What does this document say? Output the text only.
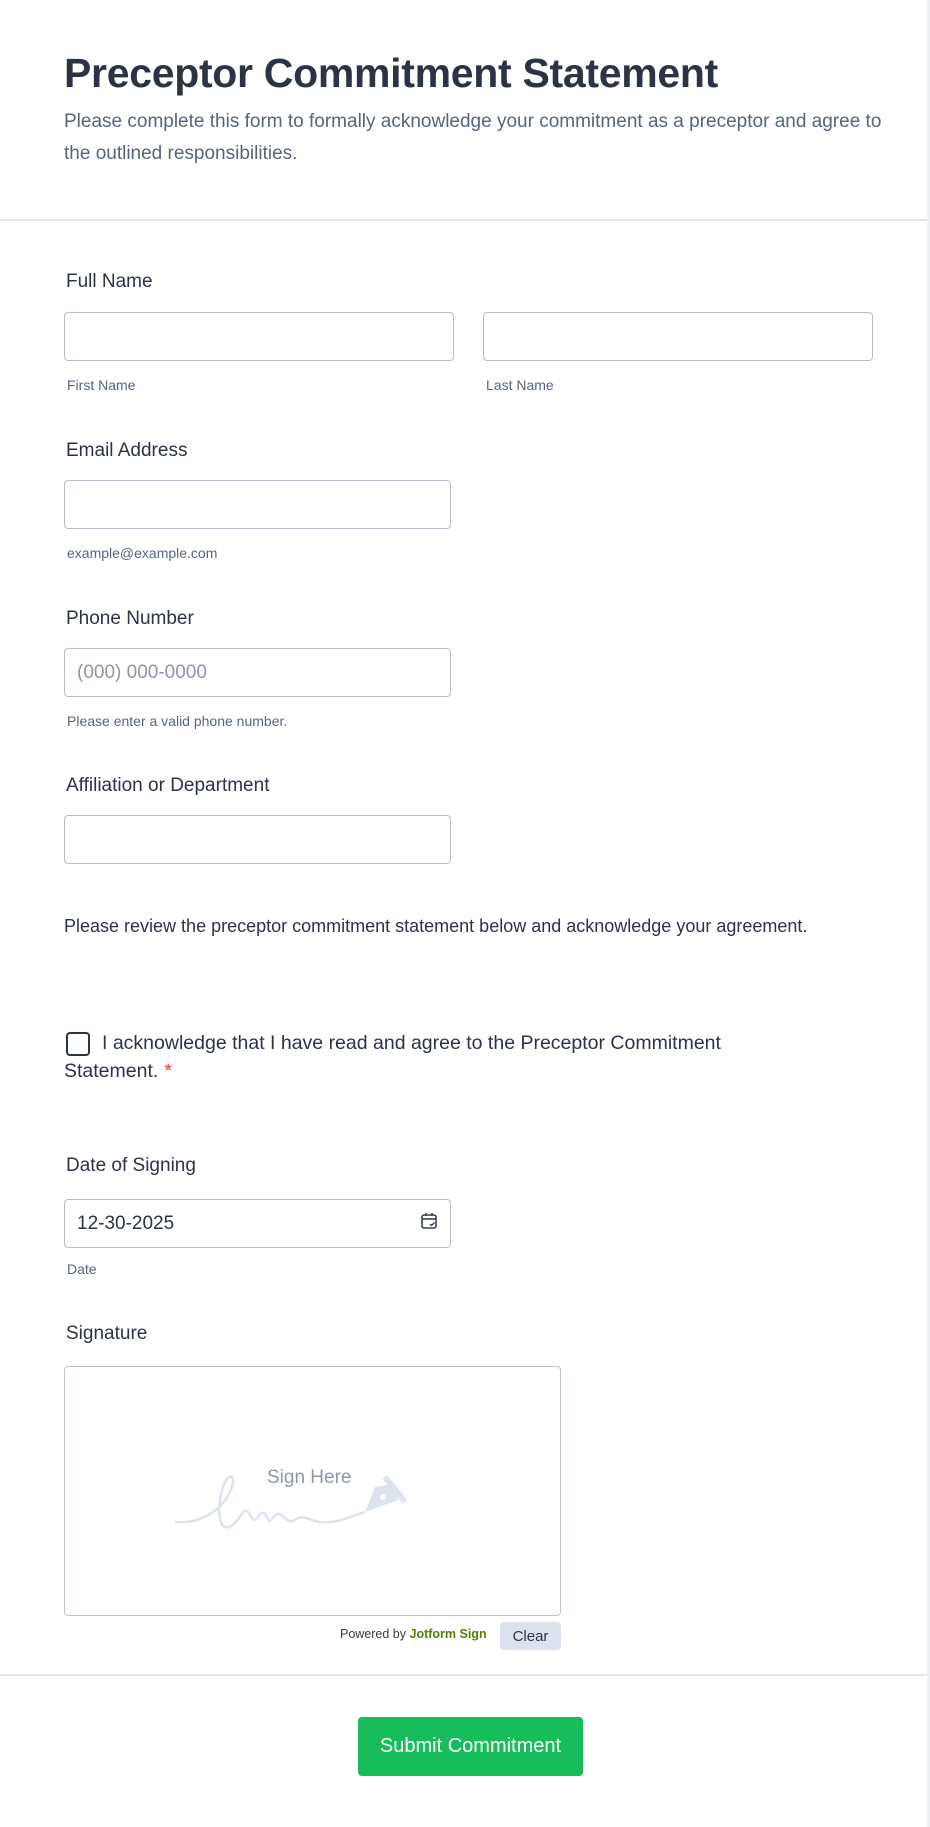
Preceptor Commitment Statement
Please complete this form to formally acknowledge your commitment as a preceptor and agree to the outlined responsibilities.
Full Name
First Name	Last Name
Email Address
example@example.com
Phone Number
(000) 000-0000
Please enter a valid phone number.
Affiliation or Department
Please review the preceptor commitment statement below and acknowledge your agreement.
I acknowledge that I have read and agree to the Preceptor Commitment Statement. *
Date of Signing
12-30-2025
Date
Signature
Sign Here
Powered by Jotform Sign	Clear
Submit Commitment
